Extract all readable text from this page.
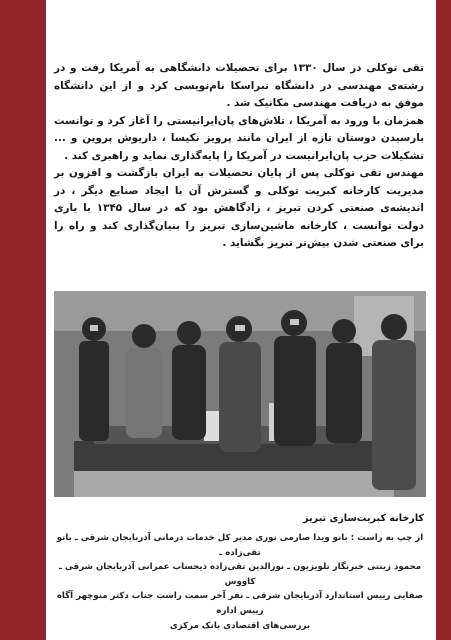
تقی توکلی در سال ۱۳۳۰ برای تحصیلات دانشگاهی به آمریکا رفت و در رشته‌ی مهندسی در دانشگاه نبراسکا نام‌نویسی کرد و از این دانشگاه موفق به دریافت مهندسی مکانیک شد .

همزمان با ورود به آمریکا ، تلاش‌های پان‌ایرانیستی را آغاز کرد و توانست بارسیدن دوستان تازه از ایران مانند پرویز نکیسا ، داریوش پروین و ... تشکیلات حزب پان‌ایرانیست در آمریکا را پایه‌گذاری نماید و راهبری کند .

مهندس تقی توکلی پس از پایان تحصیلات به ایران بازگشت و افزون بر مدیریت کارخانه کبریت توکلی و گسترش آن با ایجاد صنایع دیگر ، در اندیشه‌ی صنعتی کردن تبریز ، زادگاهش بود که در سال ۱۳۴۵ با یاری دولت توانست ، کارخانه ماشین‌سازی تبریز را بنیان‌گذاری کند و راه را برای صنعتی شدن بیش‌تر تبریز بگشاید .

کارخانه کبریت‌سازی تبریز

از چپ به راست : بانو ویدا صارمی نوری مدیر کل خدمات درمانی آذربایجان شرقی ـ بانو تقی‌زاده ـ

محمود زینتی خبرنگار تلویزیون ـ نورالدین تقی‌زاده ذیحساب عمرانی آذربایجان شرقی ـ کاووس

صفایی رییس استاندارد آذربایجان شرقی ـ نفر آخر سمت راست جناب دکتر منوچهر آگاه رییس اداره

بررسی‌های اقتصادی بانک مرکزی
